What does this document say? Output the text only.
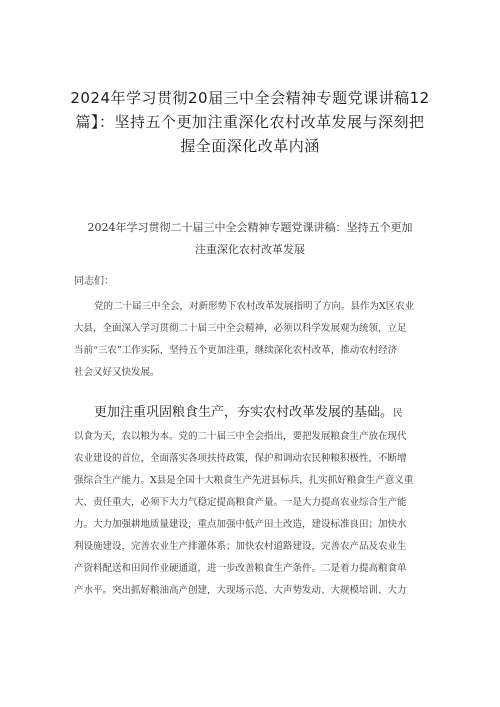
2024年学习贯彻20届三中全会精神专题党课讲稿12
篇】：坚持五个更加注重深化农村改革发展与深刻把
握全面深化改革内涵
2024年学习贯彻二十届三中全会精神专题党课讲稿：坚持五个更加
注重深化农村改革发展
同志们：
党的二十届三中全会，对新形势下农村改革发展指明了方向。县作为X区农业
大县，全面深入学习贯彻二十届三中全会精神，必须以科学发展观为统领，立足
当前“三农”工作实际，坚持五个更加注重，继续深化农村改革，推动农村经济
社会又好又快发展。
更加注重巩固粮食生产，夯实农村改革发展的基础。民
以食为天，农以粮为本。党的二十届三中全会指出，要把发展粮食生产放在现代
农业建设的首位，全面落实各项扶持政策，保护和调动农民种粮积极性，不断增
强综合生产能力。X县是全国十大粮食生产先进县标兵，扎实抓好粮食生产意义重
大、责任重大，必须下大力气稳定提高粮食产量。一是大力提高农业综合生产能
力。大力加强耕地质量建设，重点加强中低产田土改造，建设标准良田；加快水
利设施建设，完善农业生产排灌体系；加快农村道路建设，完善农产品及农业生
产资料配送和田间作业硬通道，进一步改善粮食生产条件。二是着力提高粮食单
产水平。突出抓好粮油高产创建，大现场示范、大声势发动、大规模培训、大力
